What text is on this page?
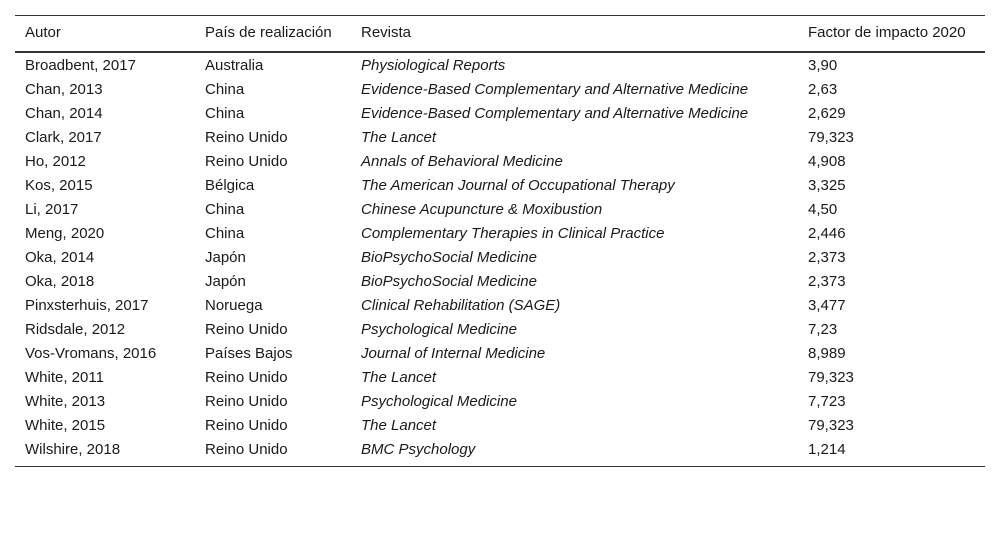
Autor	País de realización	Revista	Factor de impacto 2020
Broadbent, 2017	Australia	Physiological Reports	3,90
Chan, 2013	China	Evidence-Based Complementary and Alternative Medicine	2,63
Chan, 2014	China	Evidence-Based Complementary and Alternative Medicine	2,629
Clark, 2017	Reino Unido	The Lancet	79,323
Ho, 2012	Reino Unido	Annals of Behavioral Medicine	4,908
Kos, 2015	Bélgica	The American Journal of Occupational Therapy	3,325
Li, 2017	China	Chinese Acupuncture & Moxibustion	4,50
Meng, 2020	China	Complementary Therapies in Clinical Practice	2,446
Oka, 2014	Japón	BioPsychoSocial Medicine	2,373
Oka, 2018	Japón	BioPsychoSocial Medicine	2,373
Pinxsterhuis, 2017	Noruega	Clinical Rehabilitation (SAGE)	3,477
Ridsdale, 2012	Reino Unido	Psychological Medicine	7,23
Vos-Vromans, 2016	Países Bajos	Journal of Internal Medicine	8,989
White, 2011	Reino Unido	The Lancet	79,323
White, 2013	Reino Unido	Psychological Medicine	7,723
White, 2015	Reino Unido	The Lancet	79,323
Wilshire, 2018	Reino Unido	BMC Psychology	1,214
